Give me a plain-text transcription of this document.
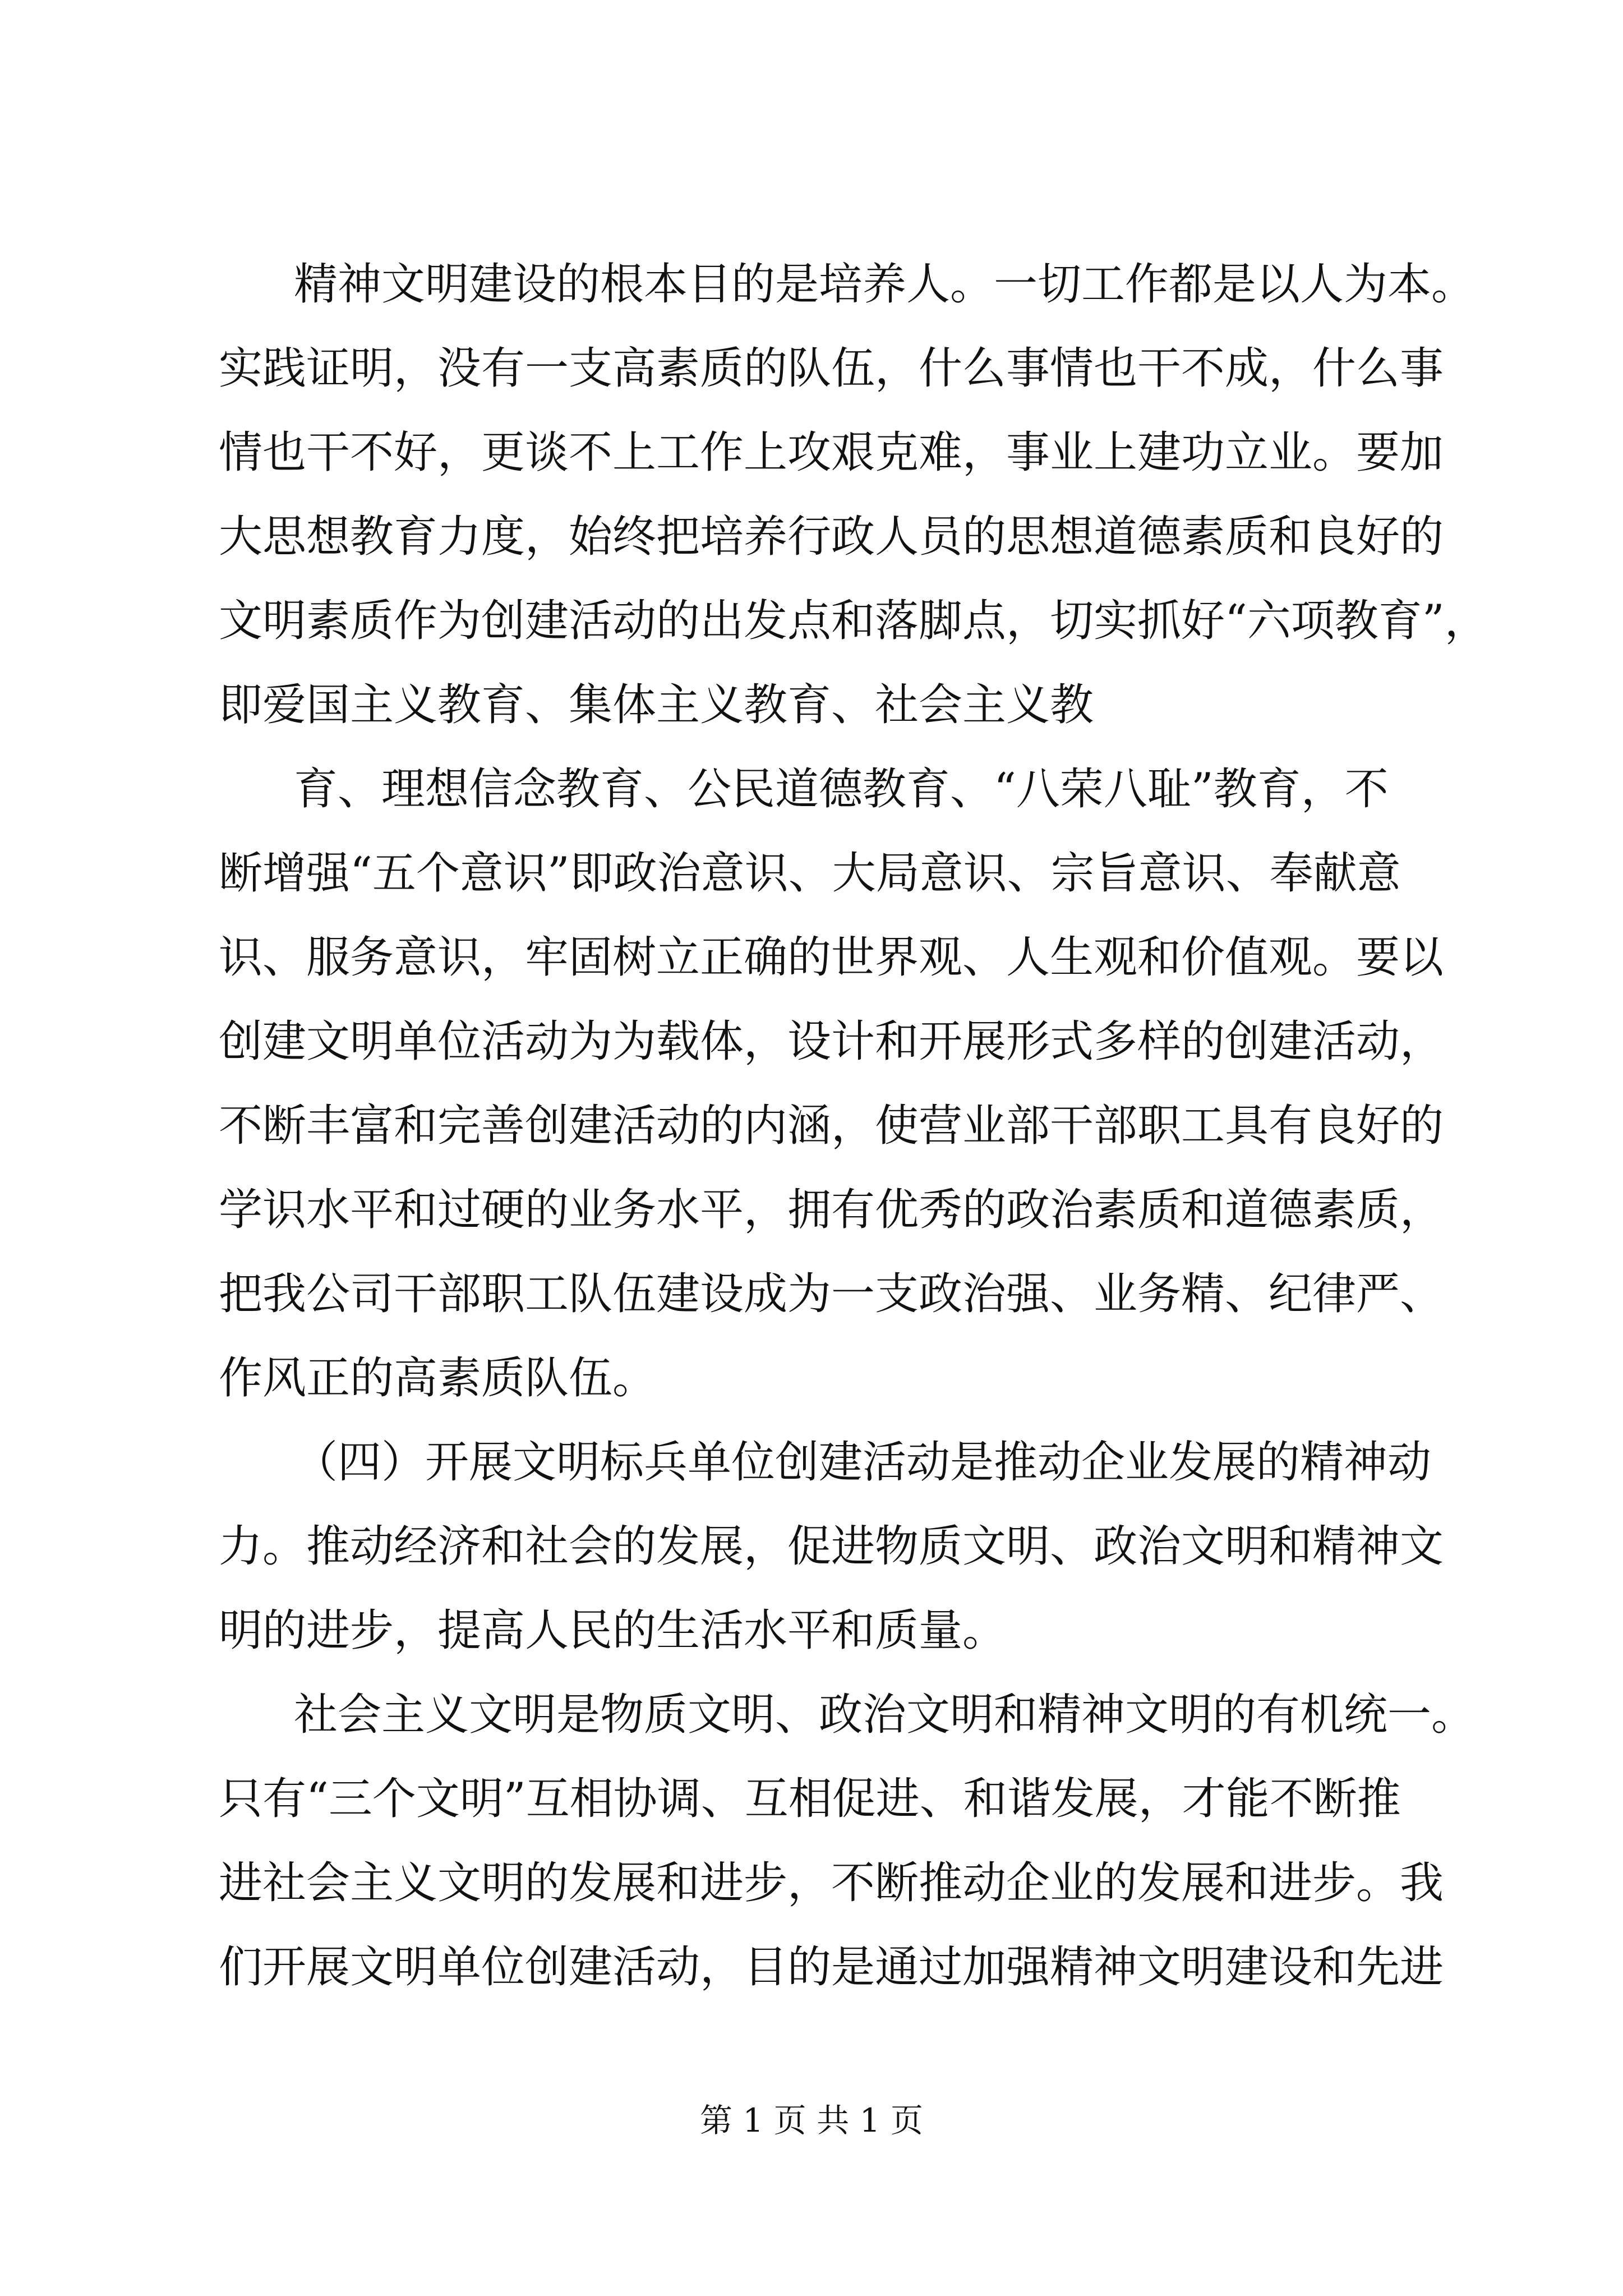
精神文明建设的根本目的是培养人。一切工作都是以人为本。
实践证明，没有一支高素质的队伍，什么事情也干不成，什么事
情也干不好，更谈不上工作上攻艰克难，事业上建功立业。要加
大思想教育力度，始终把培养行政人员的思想道德素质和良好的
文明素质作为创建活动的出发点和落脚点，切实抓好“六项教育”，
即爱国主义教育、集体主义教育、社会主义教
育、理想信念教育、公民道德教育、“八荣八耻”教育，不
断增强“五个意识”即政治意识、大局意识、宗旨意识、奉献意
识、服务意识，牢固树立正确的世界观、人生观和价值观。要以
创建文明单位活动为为载体，设计和开展形式多样的创建活动，
不断丰富和完善创建活动的内涵，使营业部干部职工具有良好的
学识水平和过硬的业务水平，拥有优秀的政治素质和道德素质，
把我公司干部职工队伍建设成为一支政治强、业务精、纪律严、
作风正的高素质队伍。
（四）开展文明标兵单位创建活动是推动企业发展的精神动
力。推动经济和社会的发展，促进物质文明、政治文明和精神文
明的进步，提高人民的生活水平和质量。
社会主义文明是物质文明、政治文明和精神文明的有机统一。
只有“三个文明”互相协调、互相促进、和谐发展，才能不断推
进社会主义文明的发展和进步，不断推动企业的发展和进步。我
们开展文明单位创建活动，目的是通过加强精神文明建设和先进
第 1 页 共 1 页
